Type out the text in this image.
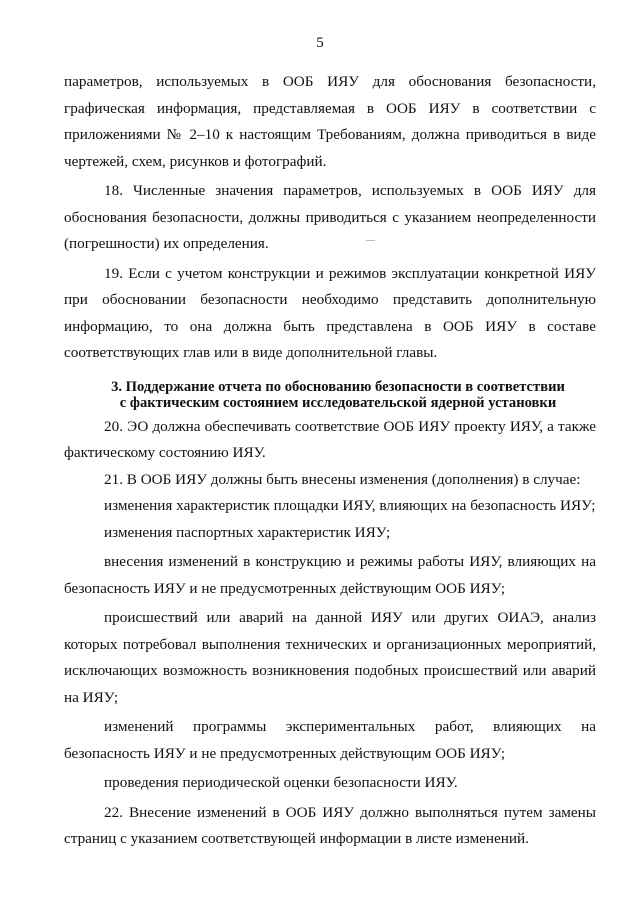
5

параметров, используемых в ООБ ИЯУ для обоснования безопасности, графическая информация, представляемая в ООБ ИЯУ в соответствии с приложениями № 2–10 к настоящим Требованиям, должна приводиться в виде чертежей, схем, рисунков и фотографий.

18. Численные значения параметров, используемых в ООБ ИЯУ для обоснования безопасности, должны приводиться с указанием неопределенности (погрешности) их определения.

19. Если с учетом конструкции и режимов эксплуатации конкретной ИЯУ при обосновании безопасности необходимо представить дополнительную информацию, то она должна быть представлена в ООБ ИЯУ в составе соответствующих глав или в виде дополнительной главы.

3. Поддержание отчета по обоснованию безопасности в соответствии
с фактическим состоянием исследовательской ядерной установки

20. ЭО должна обеспечивать соответствие ООБ ИЯУ проекту ИЯУ, а также фактическому состоянию ИЯУ.

21. В ООБ ИЯУ должны быть внесены изменения (дополнения) в случае:

изменения характеристик площадки ИЯУ, влияющих на безопасность ИЯУ;

изменения паспортных характеристик ИЯУ;

внесения изменений в конструкцию и режимы работы ИЯУ, влияющих на безопасность ИЯУ и не предусмотренных действующим ООБ ИЯУ;

происшествий или аварий на данной ИЯУ или других ОИАЭ, анализ которых потребовал выполнения технических и организационных мероприятий, исключающих возможность возникновения подобных происшествий или аварий на ИЯУ;

изменений программы экспериментальных работ, влияющих на безопасность ИЯУ и не предусмотренных действующим ООБ ИЯУ;

проведения периодической оценки безопасности ИЯУ.

22. Внесение изменений в ООБ ИЯУ должно выполняться путем замены страниц с указанием соответствующей информации в листе изменений.
